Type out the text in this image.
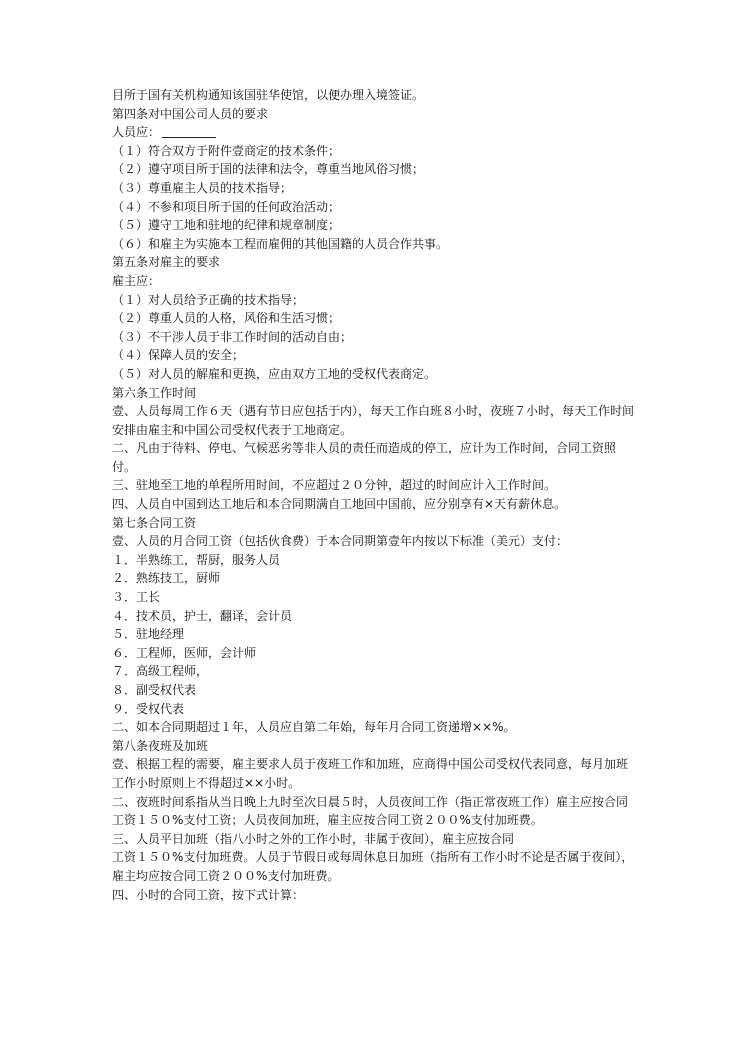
目所于国有关机构通知该国驻华使馆，以便办理入境签证。

第四条对中国公司人员的要求

人员应：

（１）符合双方于附件壹商定的技术条件；

（２）遵守项目所于国的法律和法令，尊重当地风俗习惯；

（３）尊重雇主人员的技术指导；

（４）不参和项目所于国的任何政治活动；

（５）遵守工地和驻地的纪律和规章制度；

（６）和雇主为实施本工程而雇佣的其他国籍的人员合作共事。

第五条对雇主的要求

雇主应：

（１）对人员给予正确的技术指导；

（２）尊重人员的人格，风俗和生活习惯；

（３）不干涉人员于非工作时间的活动自由；

（４）保障人员的安全；

（５）对人员的解雇和更换，应由双方工地的受权代表商定。

第六条工作时间

壹、人员每周工作６天（遇有节日应包括于内），每天工作白班８小时，夜班７小时，每天工作时间安排由雇主和中国公司受权代表于工地商定。

二、凡由于待料、停电、气候恶劣等非人员的责任而造成的停工，应计为工作时间，合同工资照付。

三、驻地至工地的单程所用时间，不应超过２０分钟，超过的时间应计入工作时间。

四、人员自中国到达工地后和本合同期满自工地回中国前，应分别享有×天有薪休息。

第七条合同工资

壹、人员的月合同工资（包括伙食费）于本合同期第壹年内按以下标准（美元）支付：

１．半熟练工，帮厨，服务人员

２．熟练技工，厨师

３．工长

４．技术员，护士，翻译，会计员

５．驻地经理

６．工程师，医师，会计师

７．高级工程师，

８．副受权代表

９．受权代表

二、如本合同期超过１年，人员应自第二年始，每年月合同工资递增××%。

第八条夜班及加班

壹、根据工程的需要，雇主要求人员于夜班工作和加班，应商得中国公司受权代表同意，每月加班工作小时原则上不得超过××小时。

二、夜班时间系指从当日晚上九时至次日晨５时，人员夜间工作（指正常夜班工作）雇主应按合同工资１５０%支付工资；人员夜间加班，雇主应按合同工资２００%支付加班费。

三、人员平日加班（指八小时之外的工作小时，非属于夜间），雇主应按合同

工资１５０%支付加班费。人员于节假日或每周休息日加班（指所有工作小时不论是否属于夜间），雇主均应按合同工资２００%支付加班费。

四、小时的合同工资，按下式计算：
